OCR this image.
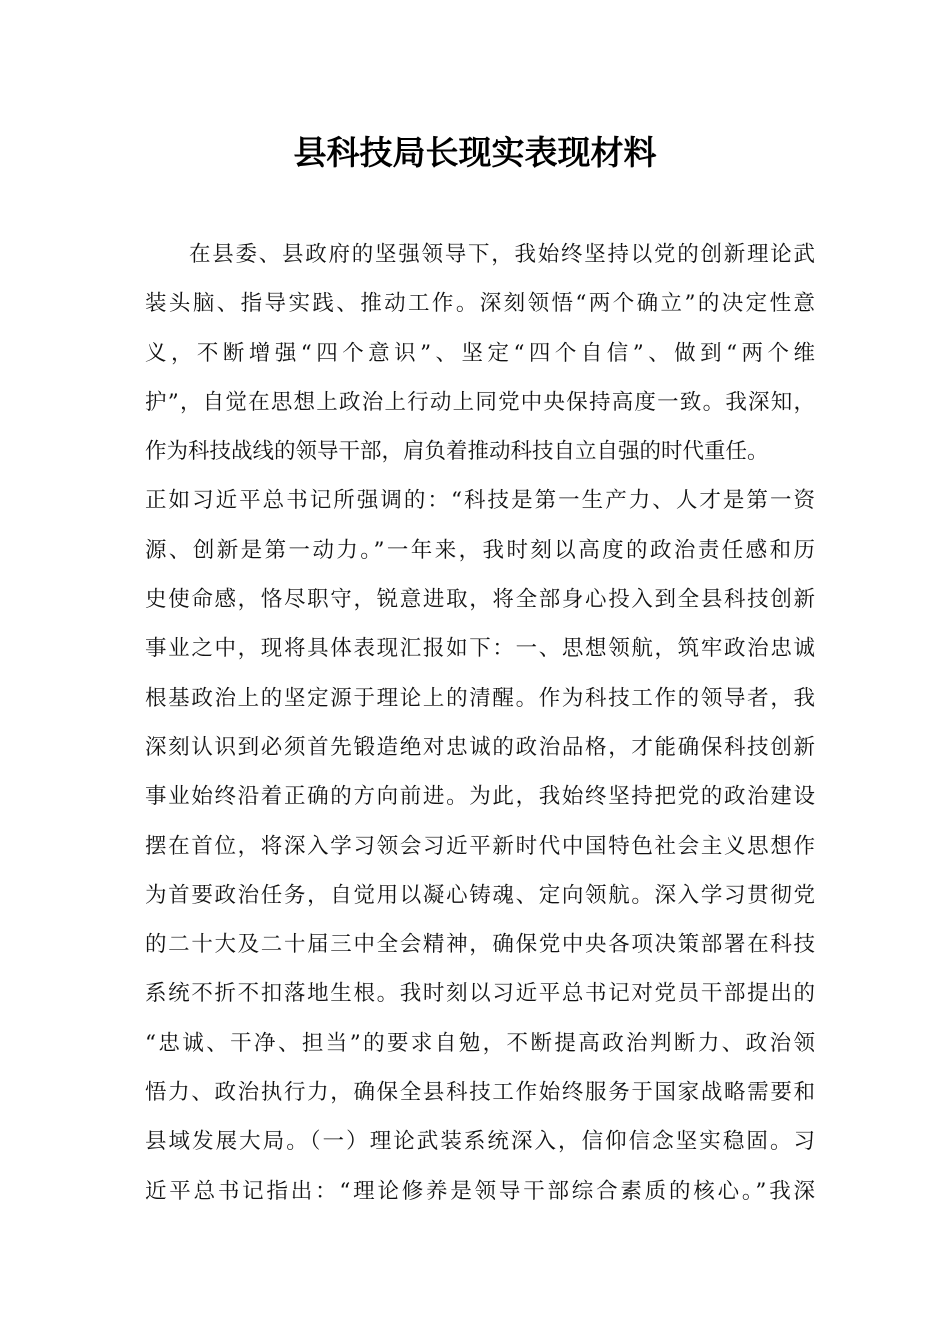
县科技局长现实表现材料
在县委、县政府的坚强领导下，我始终坚持以党的创新理论武
装头脑、指导实践、推动工作。深刻领悟“两个确立”的决定性意
义，不断增强“四个意识”、坚定“四个自信”、做到“两个维
护”，自觉在思想上政治上行动上同党中央保持高度一致。我深知，
作为科技战线的领导干部，肩负着推动科技自立自强的时代重任。
正如习近平总书记所强调的：“科技是第一生产力、人才是第一资
源、创新是第一动力。”一年来，我时刻以高度的政治责任感和历
史使命感，恪尽职守，锐意进取，将全部身心投入到全县科技创新
事业之中，现将具体表现汇报如下：一、思想领航，筑牢政治忠诚
根基政治上的坚定源于理论上的清醒。作为科技工作的领导者，我
深刻认识到必须首先锻造绝对忠诚的政治品格，才能确保科技创新
事业始终沿着正确的方向前进。为此，我始终坚持把党的政治建设
摆在首位，将深入学习领会习近平新时代中国特色社会主义思想作
为首要政治任务，自觉用以凝心铸魂、定向领航。深入学习贯彻党
的二十大及二十届三中全会精神，确保党中央各项决策部署在科技
系统不折不扣落地生根。我时刻以习近平总书记对党员干部提出的
“忠诚、干净、担当”的要求自勉，不断提高政治判断力、政治领
悟力、政治执行力，确保全县科技工作始终服务于国家战略需要和
县域发展大局。（一）理论武装系统深入，信仰信念坚实稳固。习
近平总书记指出：“理论修养是领导干部综合素质的核心。”我深
